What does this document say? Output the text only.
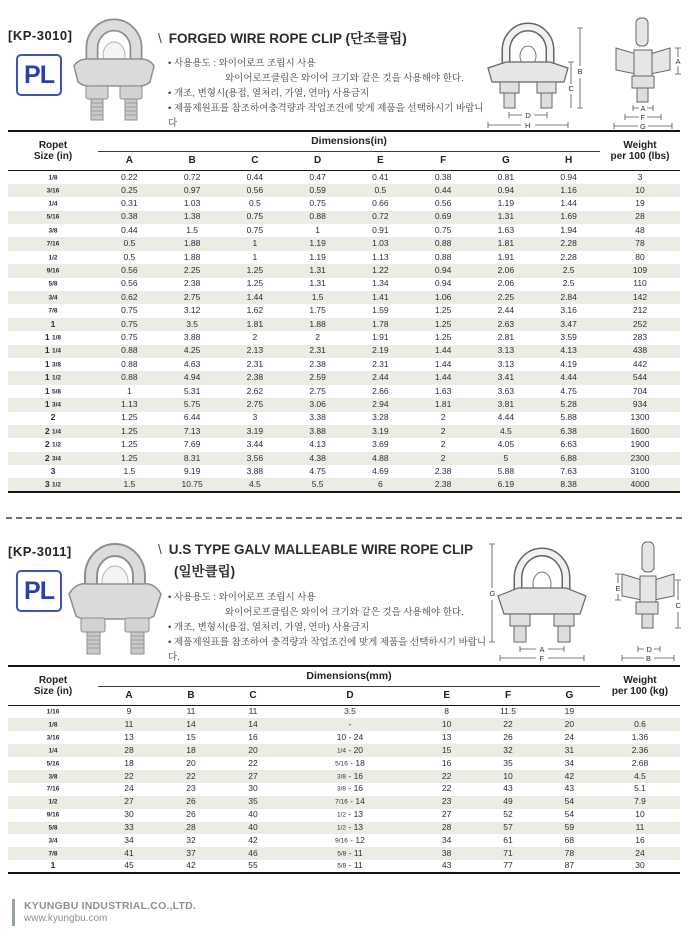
[KP-3010]
PL
\ FORGED WIRE ROPE CLIP (단조클립)
• 사용용도 : 와이어로프 조립시 사용
와이어로프클립은 와이어 크기와 같은 것을 사용해야 한다.
• 개조, 변형시(용접, 열처리, 가열, 연마) 사용금지
• 제품제원표를 참조하여충격량과 작업조건에 맞게 제품을 선택하시기 바랍니다
B
C
D
H
A
A
F
G
Ropet
Size (in)	Dimensions(in)								Weight
per 100 (lbs)
	A	B	C	D	E	F	G	H	
1/8	0.22	0.72	0.44	0.47	0.41	0.38	0.81	0.94	3
3/16	0.25	0.97	0.56	0.59	0.5	0.44	0.94	1.16	10
1/4	0.31	1.03	0.5	0.75	0.66	0.56	1.19	1.44	19
5/16	0.38	1.38	0.75	0.88	0.72	0.69	1.31	1.69	28
3/8	0.44	1.5	0.75	1	0.91	0.75	1.63	1.94	48
7/16	0.5	1.88	1	1.19	1.03	0.88	1.81	2.28	78
1/2	0.5	1.88	1	1.19	1.13	0.88	1.91	2.28	80
9/16	0.56	2.25	1.25	1.31	1.22	0.94	2.06	2.5	109
5/8	0.56	2.38	1.25	1.31	1.34	0.94	2.06	2.5	110
3/4	0.62	2.75	1.44	1.5	1.41	1.06	2.25	2.84	142
7/8	0.75	3.12	1.62	1.75	1.59	1.25	2.44	3.16	212
1	0.75	3.5	1.81	1.88	1.78	1.25	2.63	3.47	252
1 1/8	0.75	3.88	2	2	1.91	1.25	2.81	3.59	283
1 1/4	0.88	4.25	2.13	2.31	2.19	1.44	3.13	4.13	438
1 3/8	0.88	4.63	2.31	2.38	2.31	1.44	3.13	4.19	442
1 1/2	0.88	4.94	2.38	2.59	2.44	1.44	3.41	4.44	544
1 5/8	1	5.31	2.62	2.75	2.66	1.63	3.63	4.75	704
1 3/4	1.13	5.75	2.75	3.06	2.94	1.81	3.81	5.28	934
2	1.25	6.44	3	3.38	3.28	2	4.44	5.88	1300
2 1/4	1.25	7.13	3.19	3.88	3.19	2	4.5	6.38	1600
2 1/2	1.25	7.69	3.44	4.13	3.69	2	4.05	6.63	1900
2 3/4	1.25	8.31	3.56	4.38	4.88	2	5	6.88	2300
3	1.5	9.19	3.88	4.75	4.69	2.38	5.88	7.63	3100
3 1/2	1.5	10.75	4.5	5.5	6	2.38	6.19	8.38	4000
[KP-3011]
PL
\ U.S TYPE GALV MALLEABLE WIRE ROPE CLIP
(일반클립)
• 사용용도 : 와이어로프 조립시 사용
와이어로프클립은 와이어 크기와 같은 것을 사용해야 한다.
• 개조, 변형시(용접, 열처리, 가열, 연마) 사용금지
• 제품제원표를 참조하여 충격량과 작업조건에 맞게 제품을 선택하시기 바랍니다.
G
A
F
E
C
D
B
Ropet
Size (in)	Dimensions(mm)							Weight
per 100 (kg)
	A	B	C	D	E	F	G	
1/16	9	11	11	3.5	8	11.5	19	
1/8	11	14	14	-	10	22	20	0.6
3/16	13	15	16	10 - 24	13	26	24	1.36
1/4	28	18	20	1/4 - 20	15	32	31	2.36
5/16	18	20	22	5/16 - 18	16	35	34	2.68
3/8	22	22	27	3/8 - 16	22	10	42	4.5
7/16	24	23	30	3/8 - 16	22	43	43	5.1
1/2	27	26	35	7/16 - 14	23	49	54	7.9
9/16	30	26	40	1/2 - 13	27	52	54	10
5/8	33	28	40	1/2 - 13	28	57	59	11
3/4	34	32	42	9/16 - 12	34	61	68	16
7/8	41	37	46	5/8 - 11	38	71	78	24
1	45	42	55	5/8 - 11	43	77	87	30
KYUNGBU INDUSTRIAL.CO.,LTD.
www.kyungbu.com
